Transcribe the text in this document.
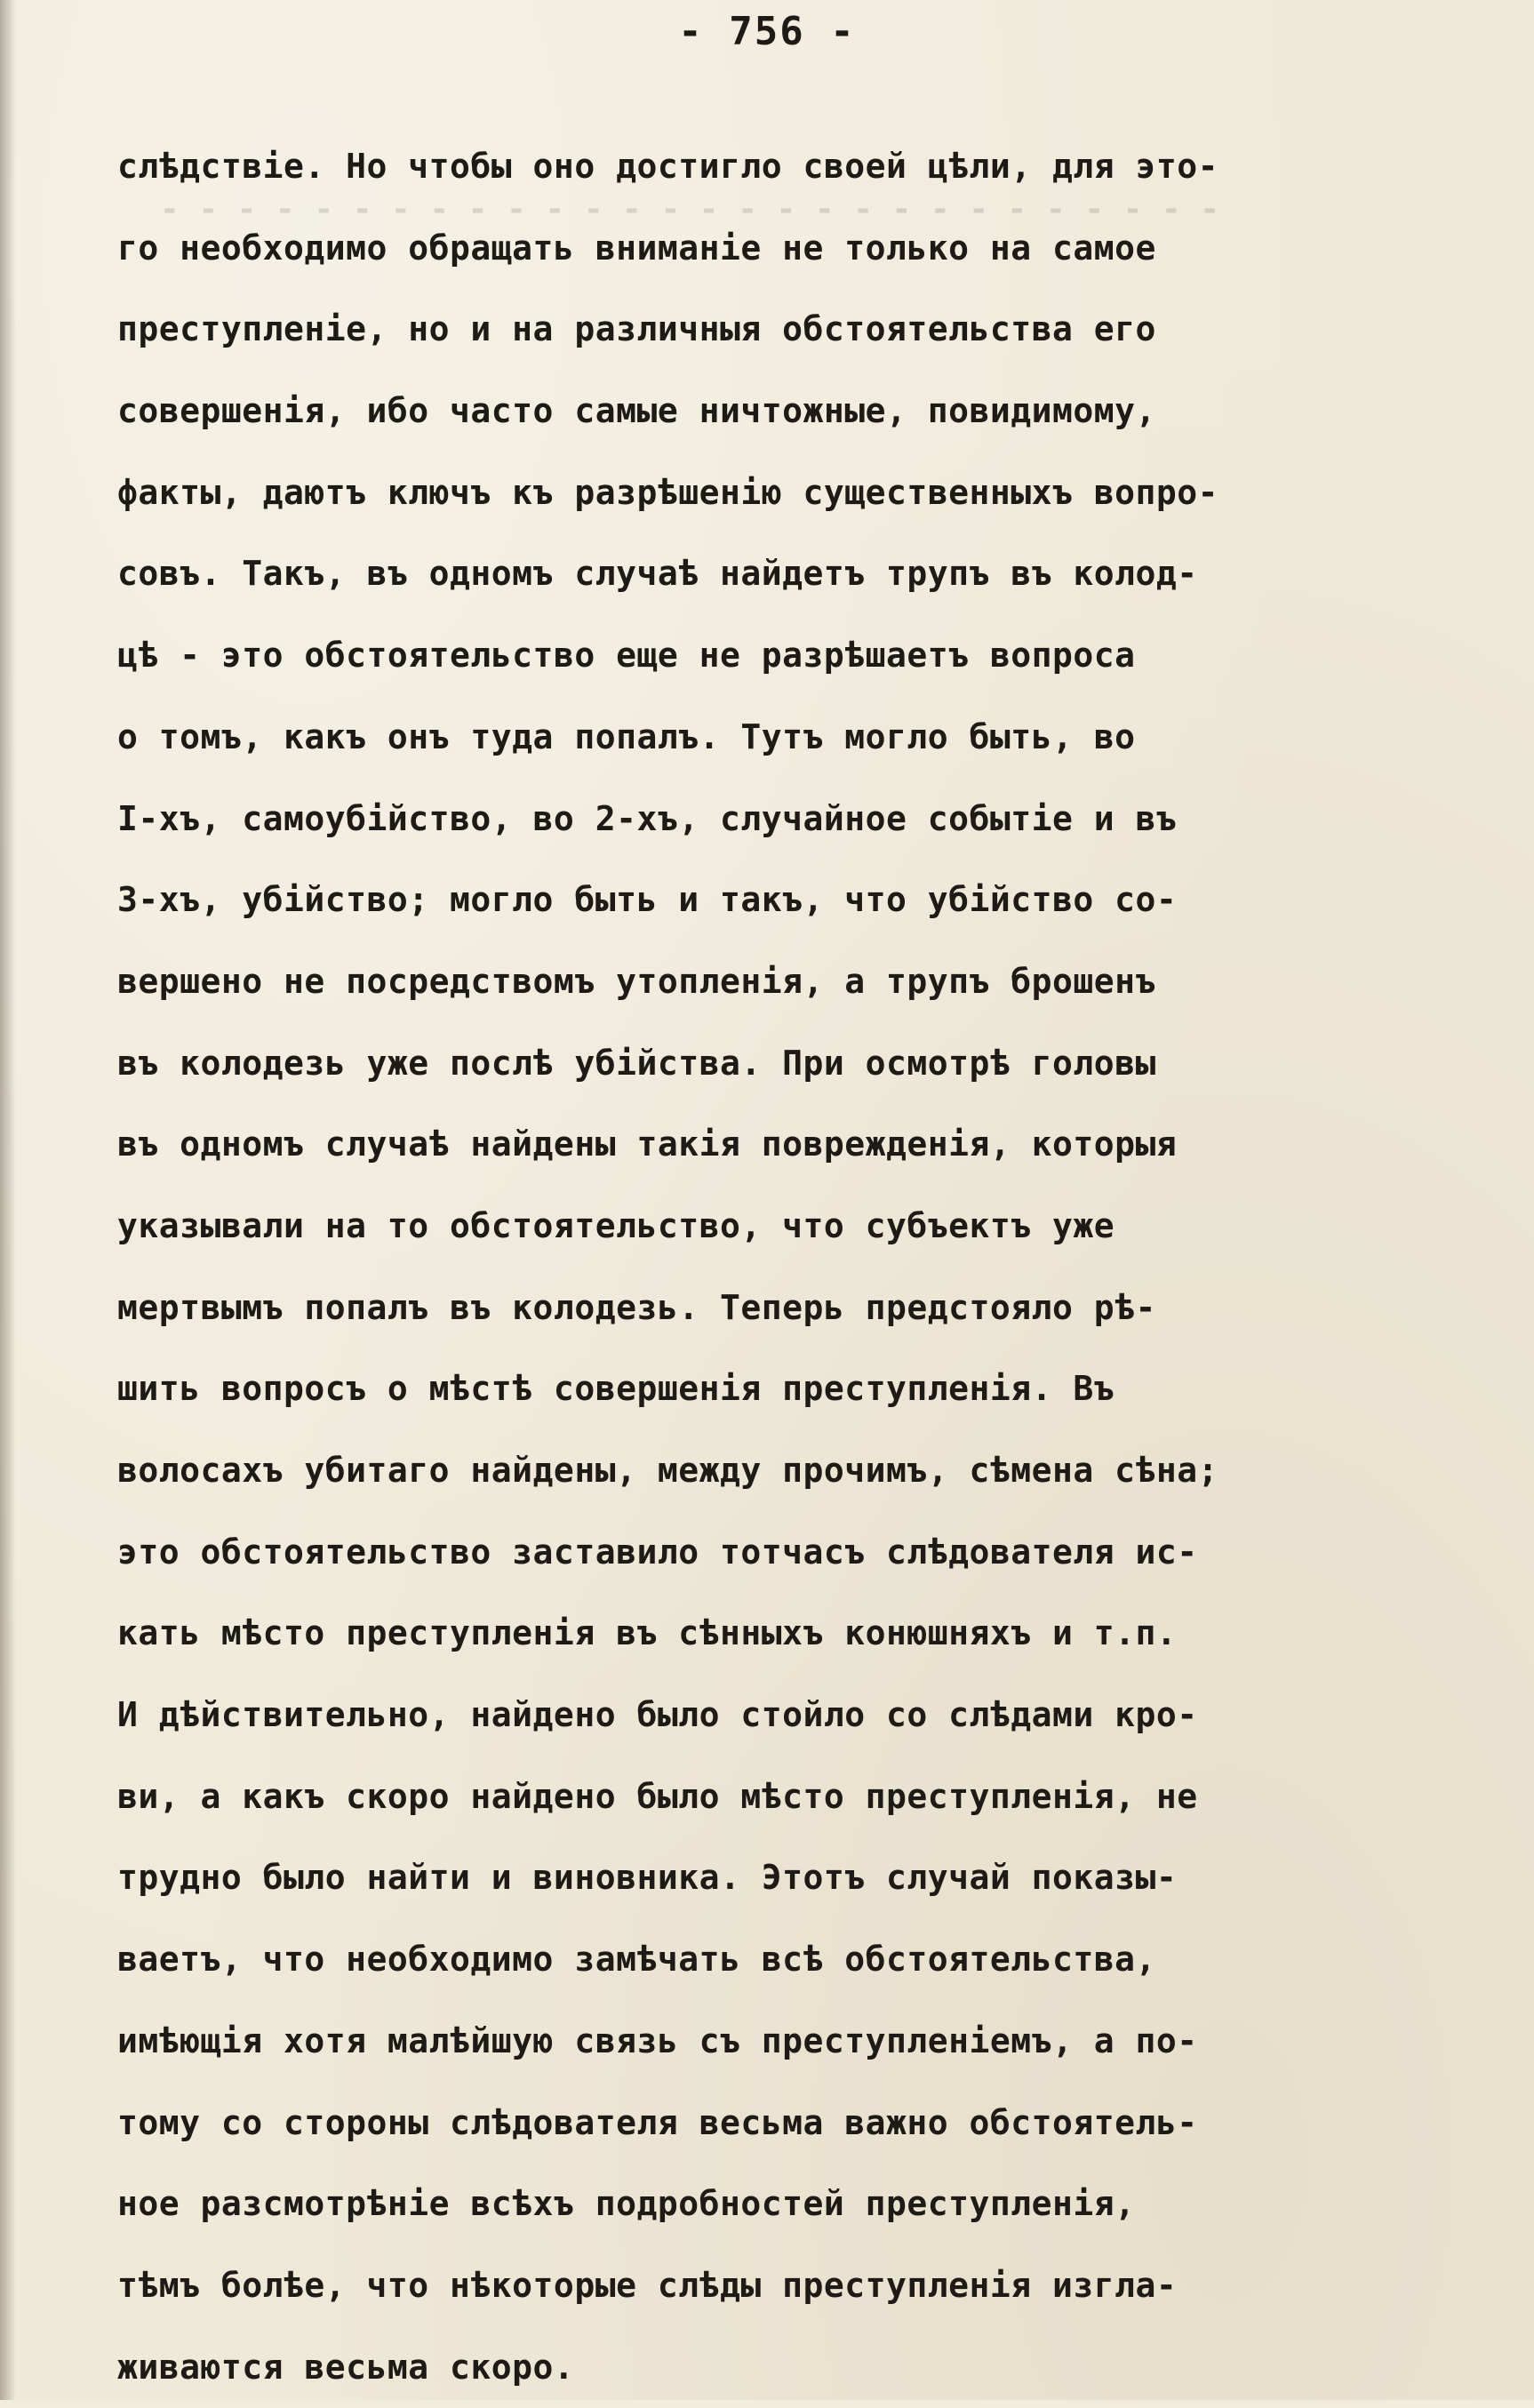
- - - - - - - - - - - - - - - - - - - - - - - - - - - -
- 756 -
слѣдствіе. Но чтобы оно достигло своей цѣли, для это-
го необходимо обращать вниманіе не только на самое
преступленіе, но и на различныя обстоятельства его
совершенія, ибо часто самые ничтожные, повидимому,
факты, даютъ ключъ къ разрѣшенію существенныхъ вопро-
совъ. Такъ, въ одномъ случаѣ найдетъ трупъ въ колод-
цѣ - это обстоятельство еще не разрѣшаетъ вопроса
о томъ, какъ онъ туда попалъ. Тутъ могло быть, во
I-хъ, самоубійство, во 2-хъ, случайное событіе и въ
3-хъ, убійство; могло быть и такъ, что убійство со-
вершено не посредствомъ утопленія, а трупъ брошенъ
въ колодезь уже послѣ убійства. При осмотрѣ головы
въ одномъ случаѣ найдены такія поврежденія, которыя
указывали на то обстоятельство, что субъектъ уже
мертвымъ попалъ въ колодезь. Теперь предстояло рѣ-
шить вопросъ о мѣстѣ совершенія преступленія. Въ
волосахъ убитаго найдены, между прочимъ, сѣмена сѣна;
это обстоятельство заставило тотчасъ слѣдователя ис-
кать мѣсто преступленія въ сѣнныхъ конюшняхъ и т.п.
И дѣйствительно, найдено было стойло со слѣдами кро-
ви, а какъ скоро найдено было мѣсто преступленія, не
трудно было найти и виновника. Этотъ случай показы-
ваетъ, что необходимо замѣчать всѣ обстоятельства,
имѣющія хотя малѣйшую связь съ преступленіемъ, а по-
тому со стороны слѣдователя весьма важно обстоятель-
ное разсмотрѣніе всѣхъ подробностей преступленія,
тѣмъ болѣе, что нѣкоторые слѣды преступленія изгла-
живаются весьма скоро.
